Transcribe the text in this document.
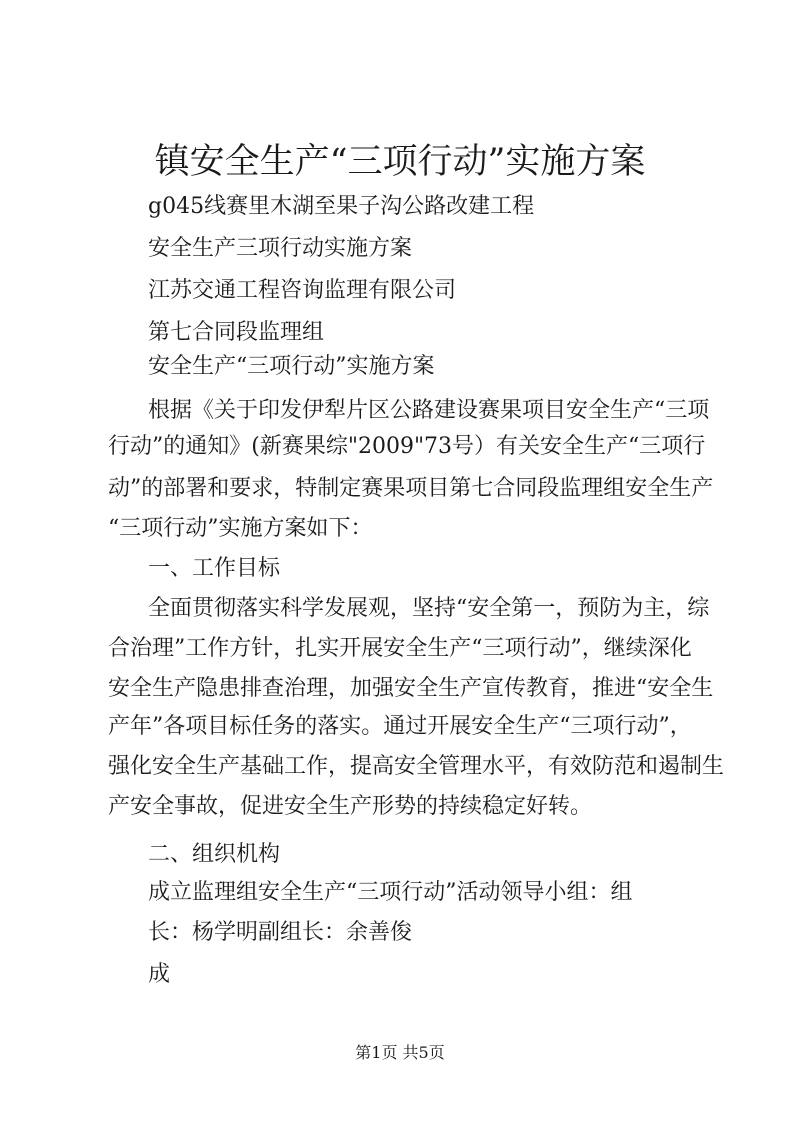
镇安全生产“三项行动”实施方案
g045线赛里木湖至果子沟公路改建工程
安全生产三项行动实施方案
江苏交通工程咨询监理有限公司
第七合同段监理组
安全生产“三项行动”实施方案
根据《关于印发伊犁片区公路建设赛果项目安全生产“三项
行动”的通知》(新赛果综"2009"73号）有关安全生产“三项行
动”的部署和要求，特制定赛果项目第七合同段监理组安全生产
“三项行动”实施方案如下：
一、工作目标
全面贯彻落实科学发展观，坚持“安全第一，预防为主，综
合治理”工作方针，扎实开展安全生产“三项行动”，继续深化
安全生产隐患排查治理，加强安全生产宣传教育，推进“安全生
产年”各项目标任务的落实。通过开展安全生产“三项行动”，
强化安全生产基础工作，提高安全管理水平，有效防范和遏制生
产安全事故，促进安全生产形势的持续稳定好转。
二、组织机构
成立监理组安全生产“三项行动”活动领导小组：组
长：杨学明副组长：余善俊
成
第1页 共5页
